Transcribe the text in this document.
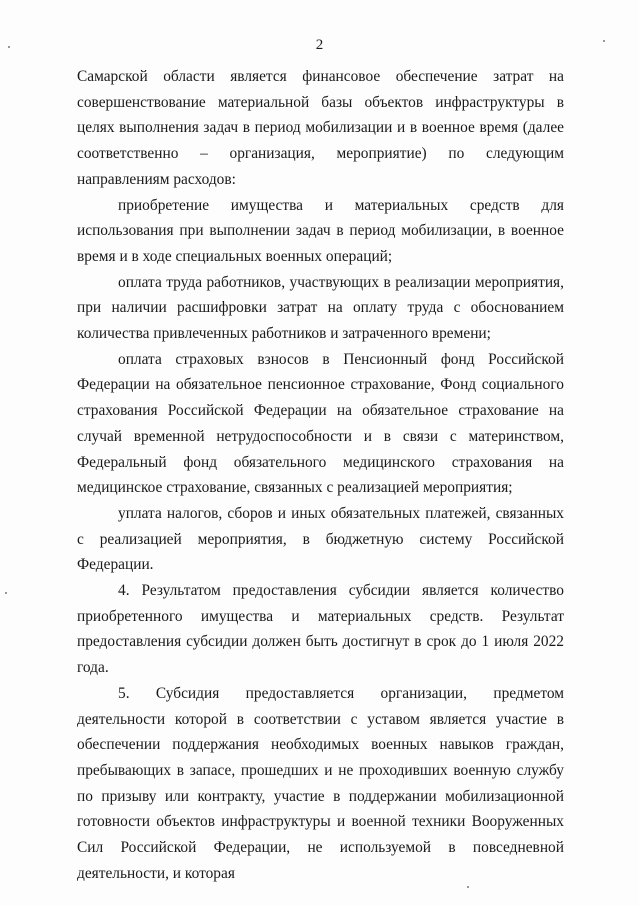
2

Самарской области является финансовое обеспечение затрат на совершенствование материальной базы объектов инфраструктуры в целях выполнения задач в период мобилизации и в военное время (далее соответственно – организация, мероприятие) по следующим направлениям расходов:

приобретение имущества и материальных средств для использования при выполнении задач в период мобилизации, в военное время и в ходе специальных военных операций;

оплата труда работников, участвующих в реализации мероприятия, при наличии расшифровки затрат на оплату труда с обоснованием количества привлеченных работников и затраченного времени;

оплата страховых взносов в Пенсионный фонд Российской Федерации на обязательное пенсионное страхование, Фонд социального страхования Российской Федерации на обязательное страхование на случай временной нетрудоспособности и в связи с материнством, Федеральный фонд обязательного медицинского страхования на медицинское страхование, связанных с реализацией мероприятия;

уплата налогов, сборов и иных обязательных платежей, связанных с реализацией мероприятия, в бюджетную систему Российской Федерации.

4. Результатом предоставления субсидии является количество приобретенного имущества и материальных средств. Результат предоставления субсидии должен быть достигнут в срок до 1 июля 2022 года.

5. Субсидия предоставляется организации, предметом деятельности которой в соответствии с уставом является участие в обеспечении поддержания необходимых военных навыков граждан, пребывающих в запасе, прошедших и не проходивших военную службу по призыву или контракту, участие в поддержании мобилизационной готовности объектов инфраструктуры и военной техники Вооруженных Сил Российской Федерации, не используемой в повседневной деятельности, и которая
